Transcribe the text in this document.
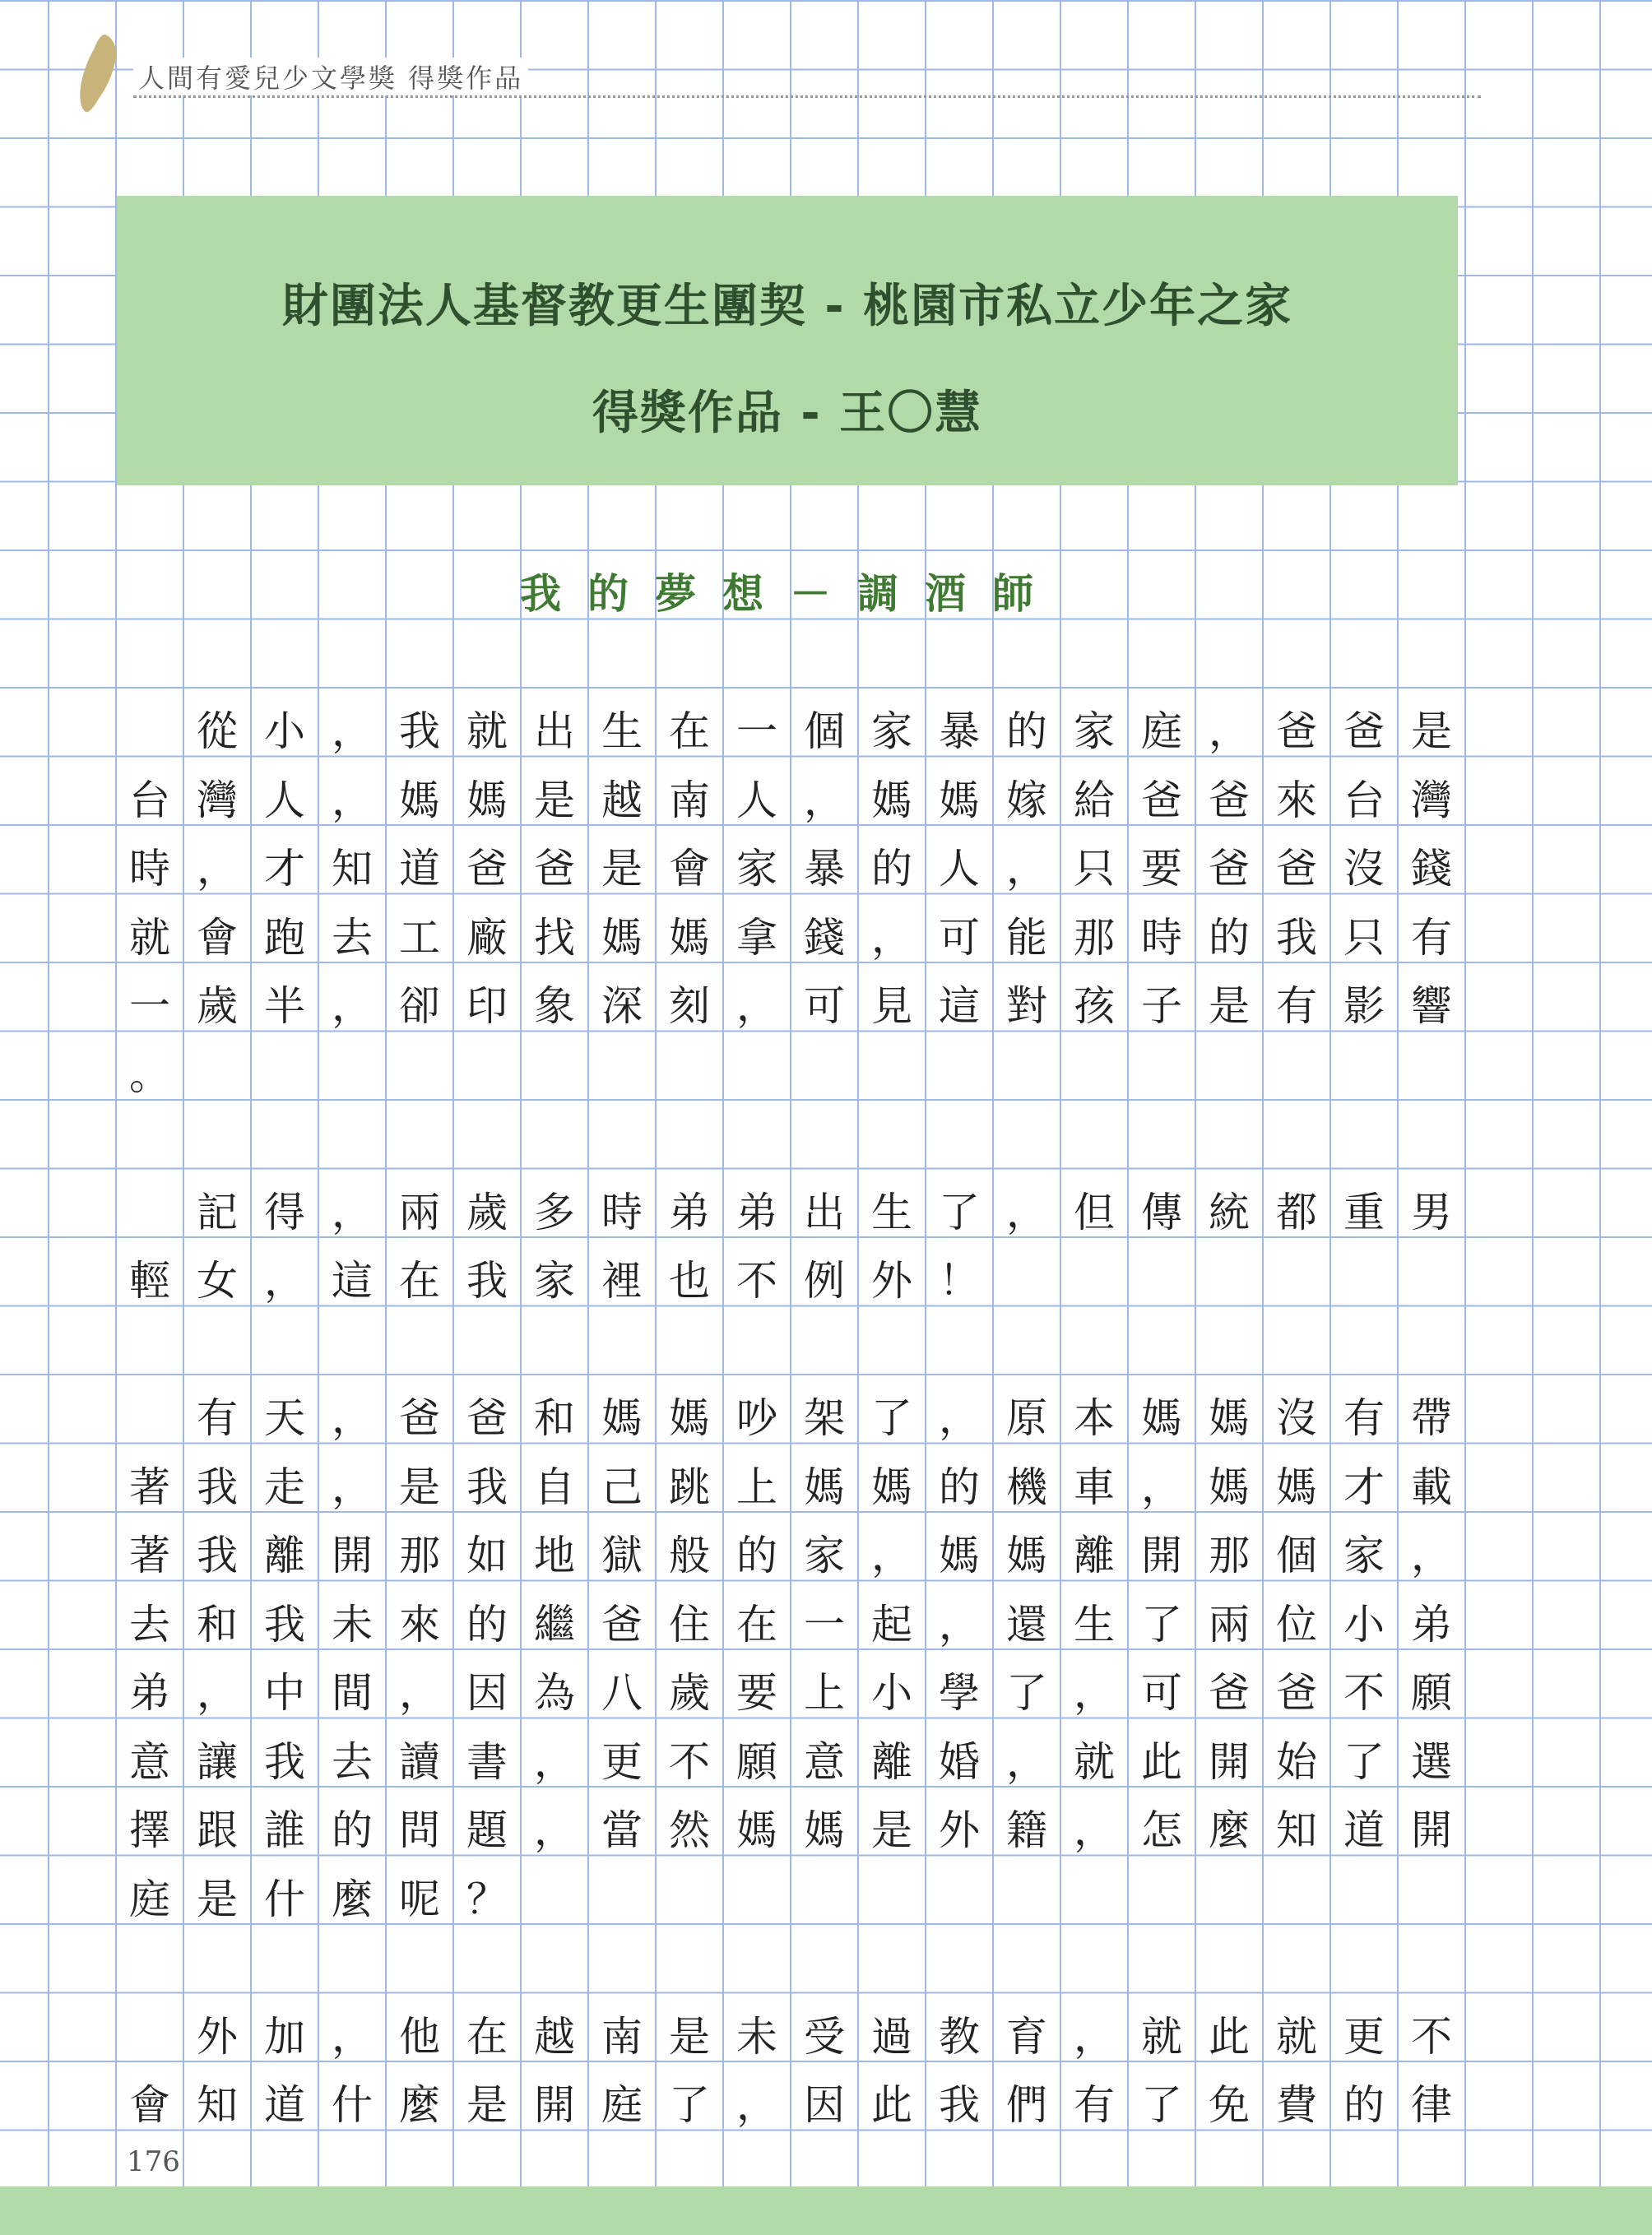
人間有愛兒少文學獎 得獎作品
財團法人基督教更生團契 - 桃園市私立少年之家
得獎作品 - 王〇慧
我的夢想－調酒師
從 小 ， 我 就 出 生 在 一 個 家 暴 的 家 庭 ， 爸 爸 是
台 灣 人 ， 媽 媽 是 越 南 人 ， 媽 媽 嫁 給 爸 爸 來 台 灣
時 ， 才 知 道 爸 爸 是 會 家 暴 的 人 ， 只 要 爸 爸 沒 錢
就 會 跑 去 工 廠 找 媽 媽 拿 錢 ， 可 能 那 時 的 我 只 有
一 歲 半 ， 卻 印 象 深 刻 ， 可 見 這 對 孩 子 是 有 影 響
。
記 得 ， 兩 歲 多 時 弟 弟 出 生 了 ， 但 傳 統 都 重 男
輕 女 ， 這 在 我 家 裡 也 不 例 外 ！
有 天 ， 爸 爸 和 媽 媽 吵 架 了 ， 原 本 媽 媽 沒 有 帶
著 我 走 ， 是 我 自 己 跳 上 媽 媽 的 機 車 ， 媽 媽 才 載
著 我 離 開 那 如 地 獄 般 的 家 ， 媽 媽 離 開 那 個 家 ，
去 和 我 未 來 的 繼 爸 住 在 一 起 ， 還 生 了 兩 位 小 弟
弟 ， 中 間 ， 因 為 八 歲 要 上 小 學 了 ， 可 爸 爸 不 願
意 讓 我 去 讀 書 ， 更 不 願 意 離 婚 ， 就 此 開 始 了 選
擇 跟 誰 的 問 題 ， 當 然 媽 媽 是 外 籍 ， 怎 麼 知 道 開
庭 是 什 麼 呢 ？
外 加 ， 他 在 越 南 是 未 受 過 教 育 ， 就 此 就 更 不
會 知 道 什 麼 是 開 庭 了 ， 因 此 我 們 有 了 免 費 的 律
176
